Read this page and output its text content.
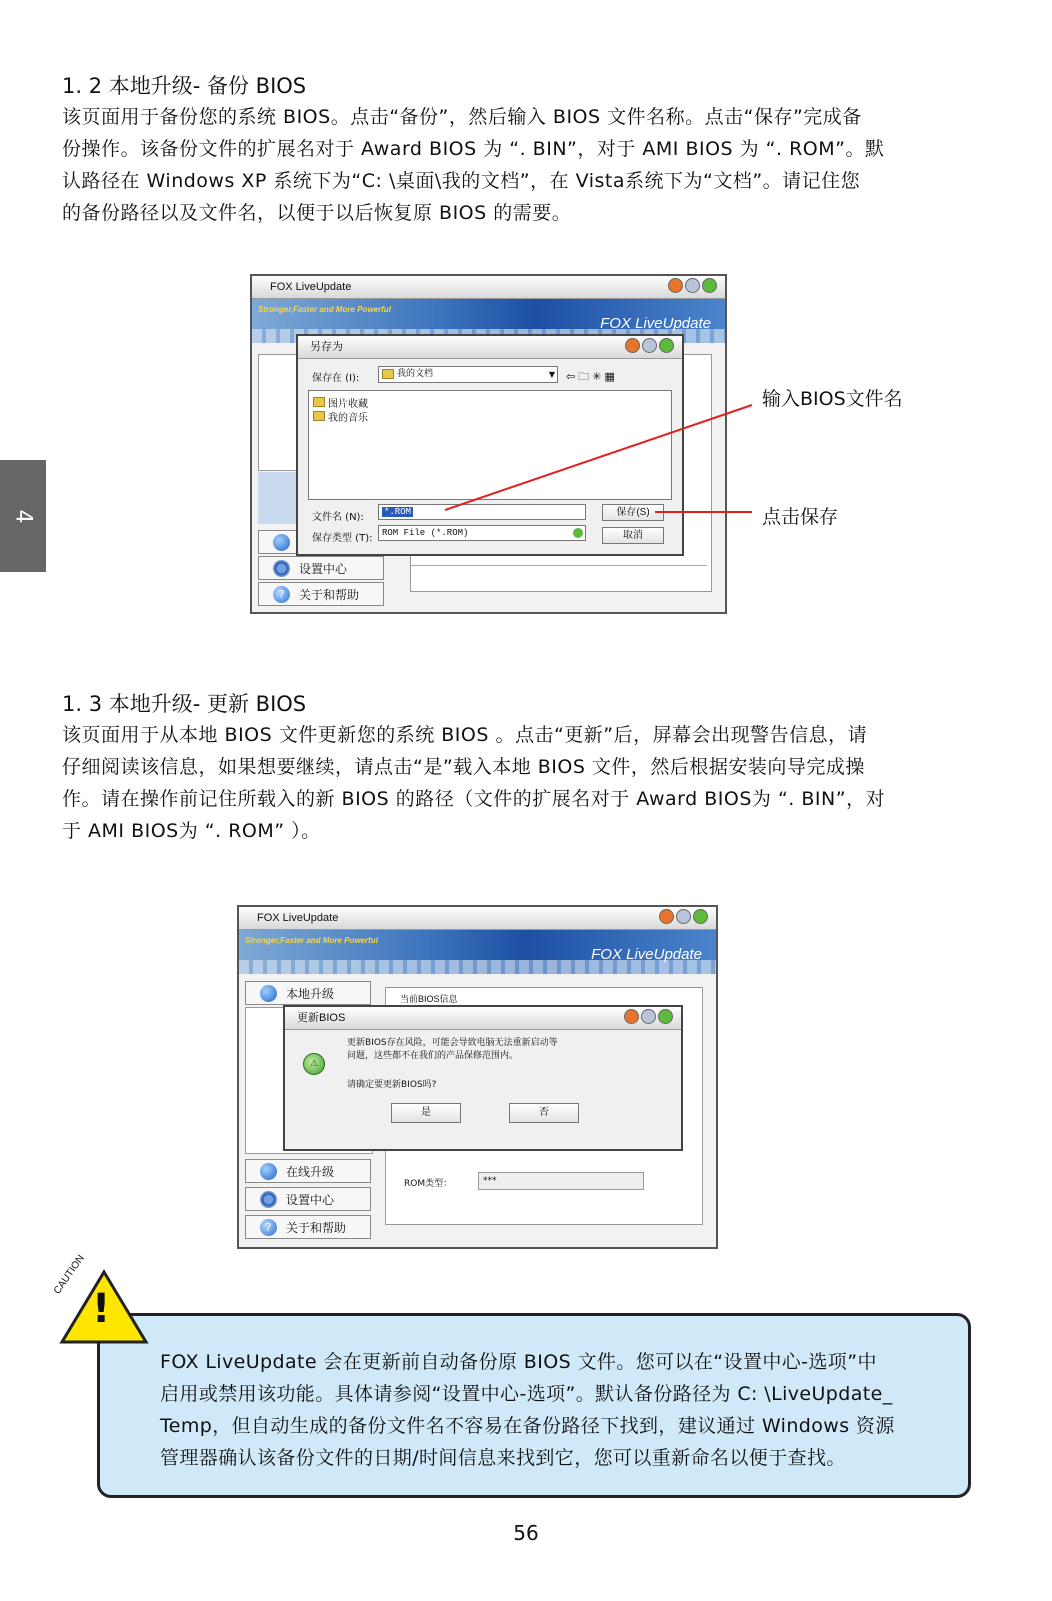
4
1. 2 本地升级- 备份 BIOS
该页面用于备份您的系统 BIOS。点击“备份”，然后输入 BIOS 文件名称。点击“保存”完成备
份操作。该备份文件的扩展名对于 Award BIOS 为 “. BIN”，对于 AMI BIOS 为 “. ROM”。默
认路径在 Windows XP 系统下为“C: \桌面\我的文档”，在 Vista系统下为“文档”。请记住您
的备份路径以及文件名，以便于以后恢复原 BIOS 的需要。
FOX LiveUpdate
Stronger,Faster and More Powerful
FOX LiveUpdate
设置中心
?	关于和帮助
另存为
保存在 (I):	我的文档	▼ ⇦🗀✳▦
图片收藏
我的音乐
文件名 (N):	*.ROM
保存类型 (T):	ROM File (*.ROM)
保存(S)
取消
输入BIOS文件名
点击保存
1. 3 本地升级- 更新 BIOS
该页面用于从本地 BIOS 文件更新您的系统 BIOS 。点击“更新”后，屏幕会出现警告信息，请
仔细阅读该信息，如果想要继续，请点击“是”载入本地 BIOS 文件，然后根据安装向导完成操
作。请在操作前记住所载入的新 BIOS 的路径（文件的扩展名对于 Award BIOS为 “. BIN”，对
于 AMI BIOS为 “. ROM” ）。
FOX LiveUpdate
Stronger,Faster and More Powerful
FOX LiveUpdate
本地升级	当前BIOS信息
ROM类型：	***
在线升级
设置中心
?	关于和帮助
更新BIOS
⚠
更新BIOS存在风险，可能会导致电脑无法重新启动等
问题，这些都不在我们的产品保修范围内。
请确定要更新BIOS吗?
是	否
!
CAUTION
FOX LiveUpdate 会在更新前自动备份原 BIOS 文件。您可以在“设置中心-选项”中
启用或禁用该功能。具体请参阅“设置中心-选项”。默认备份路径为 C: \LiveUpdate_
Temp，但自动生成的备份文件名不容易在备份路径下找到，建议通过 Windows 资源
管理器确认该备份文件的日期/时间信息来找到它，您可以重新命名以便于查找。
56
